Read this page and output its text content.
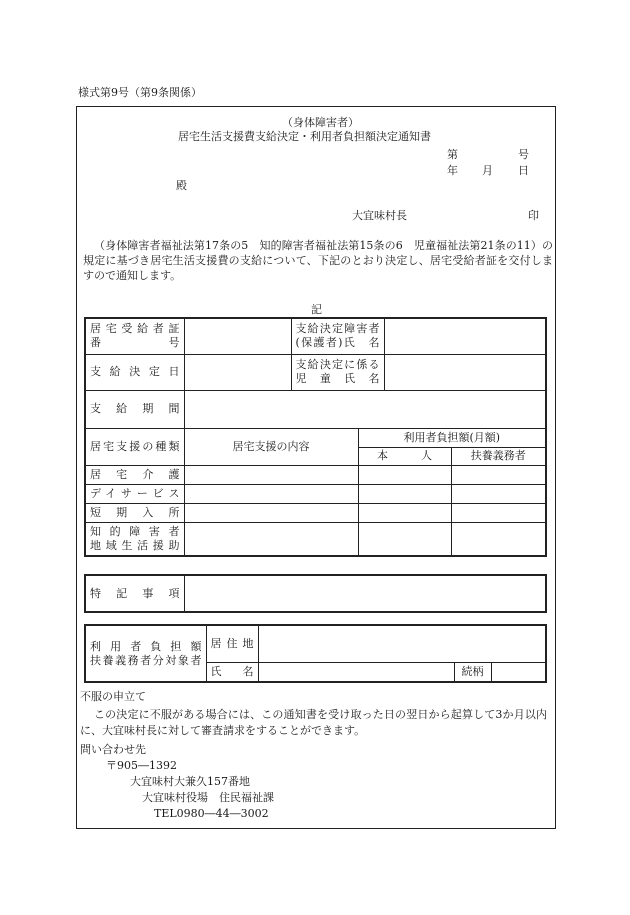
様式第9号（第9条関係）
（身体障害者）
居宅生活支援費支給決定・利用者負担額決定通知書
第	号
年 月 日
殿
大宜味村長	印
（身体障害者福祉法第17条の5　知的障害者福祉法第15条の6　児童福祉法第21条の11）の規定に基づき居宅生活支援費の支給について、下記のとおり決定し、居宅受給者証を交付しますので通知します。
記
居宅受給者証
番　　　　号		支給決定障害者
(保護者)氏　名			

支給決定日		支給決定に係る
児　童　氏　名			

支給期間					

居宅支援の種類	居宅支援の内容		利用者負担額(月額)		
			本　　　人		扶養義務者

居宅介護					

デイサービス					

短期入所					

知的障害者
地域生活援助					

特記事項

利用者負担額
扶養義務者分対象者	居住地			

	氏　名		続柄	
不服の申立て
この決定に不服がある場合には、この通知書を受け取った日の翌日から起算して3か月以内に、大宜味村長に対して審査請求をすることができます。
問い合わせ先
〒905―1392
大宜味村大兼久157番地
大宜味村役場　住民福祉課
TEL0980―44―3002
